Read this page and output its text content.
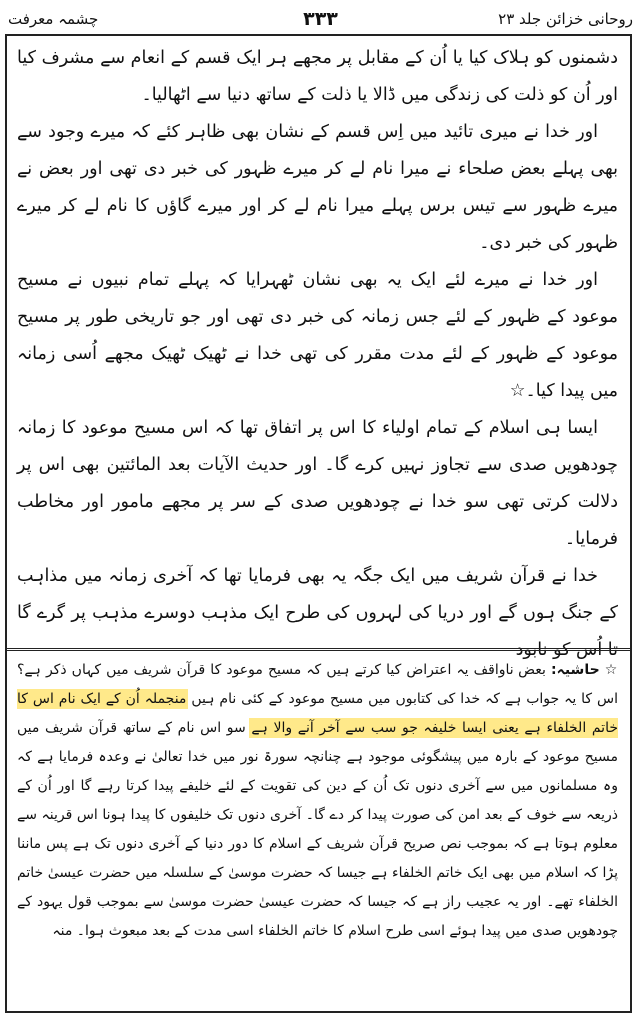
روحانی خزائن جلد ۲۳
۳۳۳
چشمہ معرفت

دشمنوں کو ہلاک کیا یا اُن کے مقابل پر مجھے ہر ایک قسم کے انعام سے مشرف کیا اور اُن کو ذلت کی زندگی میں ڈالا یا ذلت کے ساتھ دنیا سے اٹھالیا۔

اور خدا نے میری تائید میں اِس قسم کے نشان بھی ظاہر کئے کہ میرے وجود سے بھی پہلے بعض صلحاء نے میرا نام لے کر میرے ظہور کی خبر دی تھی اور بعض نے میرے ظہور سے تیس برس پہلے میرا نام لے کر اور میرے گاؤں کا نام لے کر میرے ظہور کی خبر دی۔

اور خدا نے میرے لئے ایک یہ بھی نشان ٹھہرایا کہ پہلے تمام نبیوں نے مسیح موعود کے ظہور کے لئے جس زمانہ کی خبر دی تھی اور جو تاریخی طور پر مسیح موعود کے ظہور کے لئے مدت مقرر کی تھی خدا نے ٹھیک ٹھیک مجھے اُسی زمانہ میں پیدا کیا۔☆

ایسا ہی اسلام کے تمام اولیاء کا اس پر اتفاق تھا کہ اس مسیح موعود کا زمانہ چودھویں صدی سے تجاوز نہیں کرے گا۔ اور حدیث الآیات بعد المائتین بھی اس پر دلالت کرتی تھی سو خدا نے چودھویں صدی کے سر پر مجھے مامور اور مخاطب فرمایا۔

خدا نے قرآن شریف میں ایک جگہ یہ بھی فرمایا تھا کہ آخری زمانہ میں مذاہب کے جنگ ہوں گے اور دریا کی لہروں کی طرح ایک مذہب دوسرے مذہب پر گرے گا تا اُس کو نابود

☆ حاشیہ: بعض ناواقف یہ اعتراض کیا کرتے ہیں کہ مسیح موعود کا قرآن شریف میں کہاں ذکر ہے؟ اس کا یہ جواب ہے کہ خدا کی کتابوں میں مسیح موعود کے کئی نام ہیں منجملہ اُن کے ایک نام اس کا خاتم الخلفاء ہے یعنی ایسا خلیفہ جو سب سے آخر آنے والا ہے سو اس نام کے ساتھ قرآن شریف میں مسیح موعود کے بارہ میں پیشگوئی موجود ہے چنانچہ سورۃ نور میں خدا تعالیٰ نے وعدہ فرمایا ہے کہ وہ مسلمانوں میں سے آخری دنوں تک اُن کے دین کی تقویت کے لئے خلیفے پیدا کرتا رہے گا اور اُن کے ذریعہ سے خوف کے بعد امن کی صورت پیدا کر دے گا۔ آخری دنوں تک خلیفوں کا پیدا ہونا اس قرینہ سے معلوم ہوتا ہے کہ بموجب نص صریح قرآن شریف کے اسلام کا دور دنیا کے آخری دنوں تک ہے پس ماننا پڑا کہ اسلام میں بھی ایک خاتم الخلفاء ہے جیسا کہ حضرت موسیٰ کے سلسلہ میں حضرت عیسیٰ خاتم الخلفاء تھے۔ اور یہ عجیب راز ہے کہ جیسا کہ حضرت عیسیٰ حضرت موسیٰ سے بموجب قول یہود کے چودھویں صدی میں پیدا ہوئے اسی طرح اسلام کا خاتم الخلفاء اسی مدت کے بعد مبعوث ہوا۔ منہ
